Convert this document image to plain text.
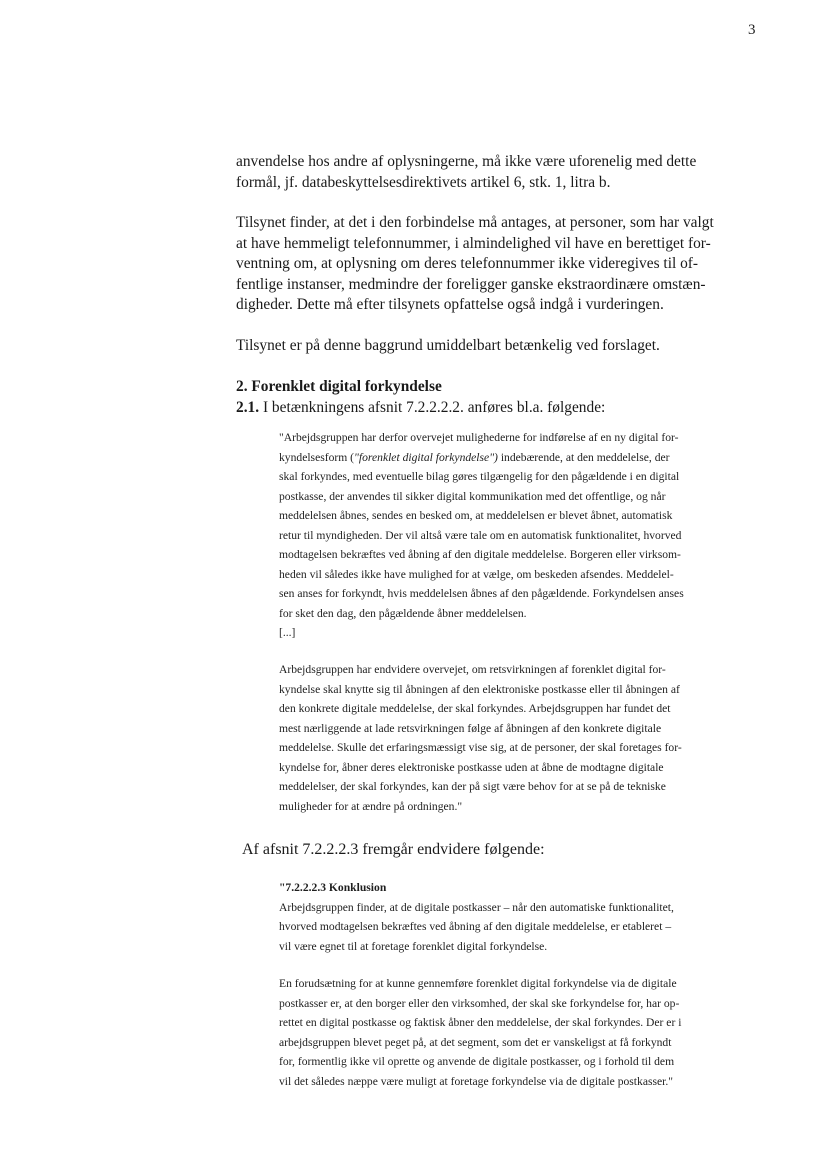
3

anvendelse hos andre af oplysningerne, må ikke være uforenelig med dette
formål, jf. databeskyttelsesdirektivets artikel 6, stk. 1, litra b.

Tilsynet finder, at det i den forbindelse må antages, at personer, som har valgt
at have hemmeligt telefonnummer, i almindelighed vil have en berettiget for-
ventning om, at oplysning om deres telefonnummer ikke videregives til of-
fentlige instanser, medmindre der foreligger ganske ekstraordinære omstæn-
digheder. Dette må efter tilsynets opfattelse også indgå i vurderingen.

Tilsynet er på denne baggrund umiddelbart betænkelig ved forslaget.

2. Forenklet digital forkyndelse

2.1. I betænkningens afsnit 7.2.2.2.2. anføres bl.a. følgende:

"Arbejdsgruppen har derfor overvejet mulighederne for indførelse af en ny digital for-
kyndelsesform ("forenklet digital forkyndelse") indebærende, at den meddelelse, der
skal forkyndes, med eventuelle bilag gøres tilgængelig for den pågældende i en digital
postkasse, der anvendes til sikker digital kommunikation med det offentlige, og når
meddelelsen åbnes, sendes en besked om, at meddelelsen er blevet åbnet, automatisk
retur til myndigheden. Der vil altså være tale om en automatisk funktionalitet, hvorved
modtagelsen bekræftes ved åbning af den digitale meddelelse. Borgeren eller virksom-
heden vil således ikke have mulighed for at vælge, om beskeden afsendes. Meddelel-
sen anses for forkyndt, hvis meddelelsen åbnes af den pågældende. Forkyndelsen anses
for sket den dag, den pågældende åbner meddelelsen.
[...]
Arbejdsgruppen har endvidere overvejet, om retsvirkningen af forenklet digital for-
kyndelse skal knytte sig til åbningen af den elektroniske postkasse eller til åbningen af
den konkrete digitale meddelelse, der skal forkyndes. Arbejdsgruppen har fundet det
mest nærliggende at lade retsvirkningen følge af åbningen af den konkrete digitale
meddelelse. Skulle det erfaringsmæssigt vise sig, at de personer, der skal foretages for-
kyndelse for, åbner deres elektroniske postkasse uden at åbne de modtagne digitale
meddelelser, der skal forkyndes, kan der på sigt være behov for at se på de tekniske
muligheder for at ændre på ordningen."
Af afsnit 7.2.2.2.3 fremgår endvidere følgende:
"7.2.2.2.3 Konklusion
Arbejdsgruppen finder, at de digitale postkasser – når den automatiske funktionalitet,
hvorved modtagelsen bekræftes ved åbning af den digitale meddelelse, er etableret –
vil være egnet til at foretage forenklet digital forkyndelse.
En forudsætning for at kunne gennemføre forenklet digital forkyndelse via de digitale
postkasser er, at den borger eller den virksomhed, der skal ske forkyndelse for, har op-
rettet en digital postkasse og faktisk åbner den meddelelse, der skal forkyndes. Der er i
arbejdsgruppen blevet peget på, at det segment, som det er vanskeligst at få forkyndt
for, formentlig ikke vil oprette og anvende de digitale postkasser, og i forhold til dem
vil det således næppe være muligt at foretage forkyndelse via de digitale postkasser."
